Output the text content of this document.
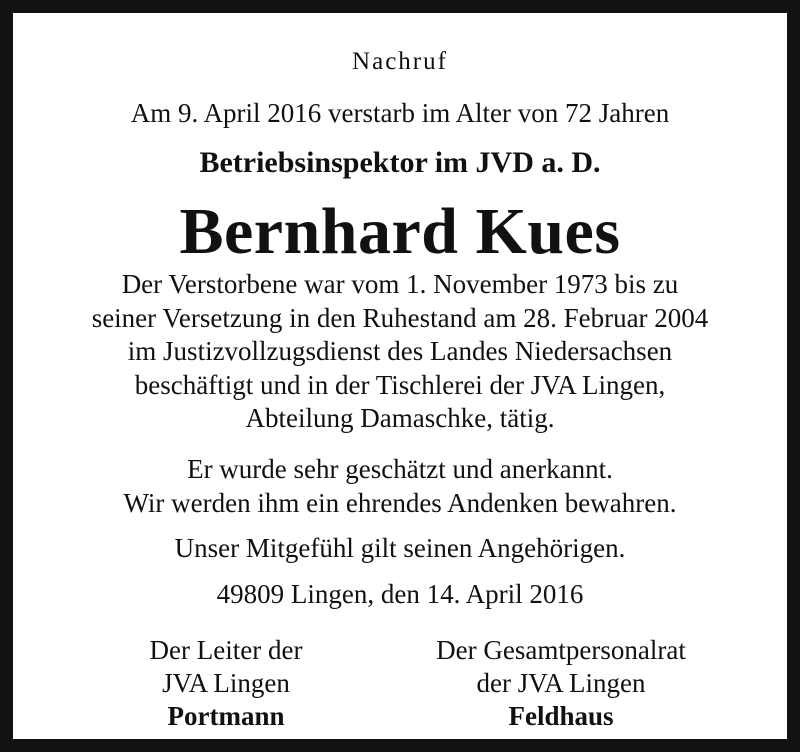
Nachruf
Am 9. April 2016 verstarb im Alter von 72 Jahren
Betriebsinspektor im JVD a. D.
Bernhard Kues
Der Verstorbene war vom 1. November 1973 bis zu
seiner Versetzung in den Ruhestand am 28. Februar 2004
im Justizvollzugsdienst des Landes Niedersachsen
beschäftigt und in der Tischlerei der JVA Lingen,
Abteilung Damaschke, tätig.
Er wurde sehr geschätzt und anerkannt.
Wir werden ihm ein ehrendes Andenken bewahren.
Unser Mitgefühl gilt seinen Angehörigen.
49809 Lingen, den 14. April 2016
Der Leiter der
JVA Lingen
Portmann
Der Gesamtpersonalrat
der JVA Lingen
Feldhaus
